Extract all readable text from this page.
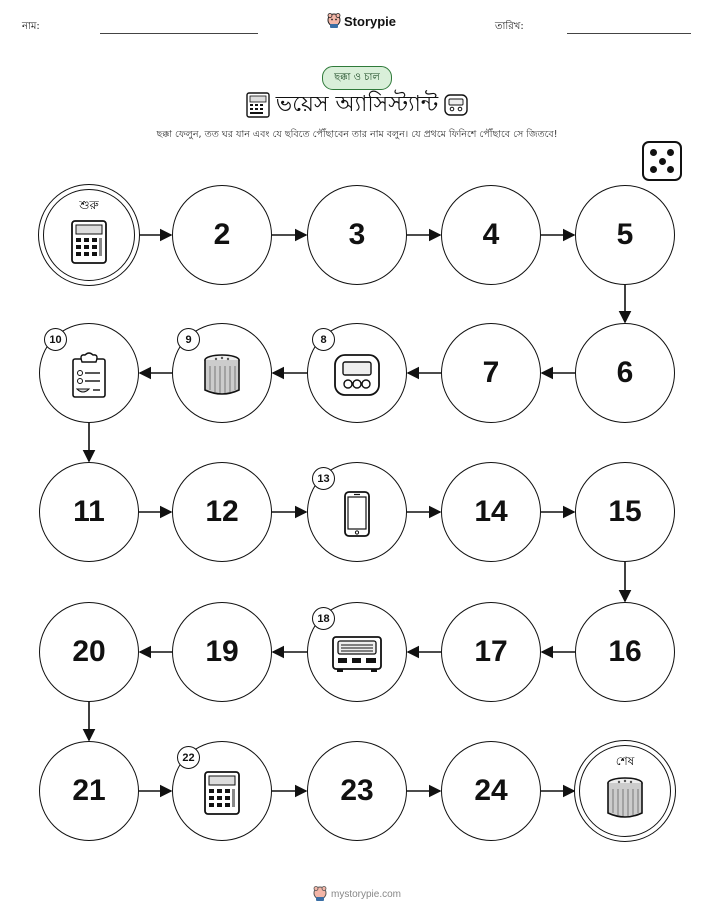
নাম:	Storypie	তারিখ:
ছক্কা ও চাল
ভয়েস অ্যাসিস্ট্যান্ট
ছক্কা ফেলুন, তত ঘর যান এবং যে ছবিতে পৌঁছাবেন তার নাম বলুন। যে প্রথমে ফিনিশে পৌঁছাবে সে জিতবে!
শুরু
2	3	4	5
6
7
8
9
10
11	12
13
14	15
16
17
18
19
20
21
22
23	24
শেষ
mystorypie.com
